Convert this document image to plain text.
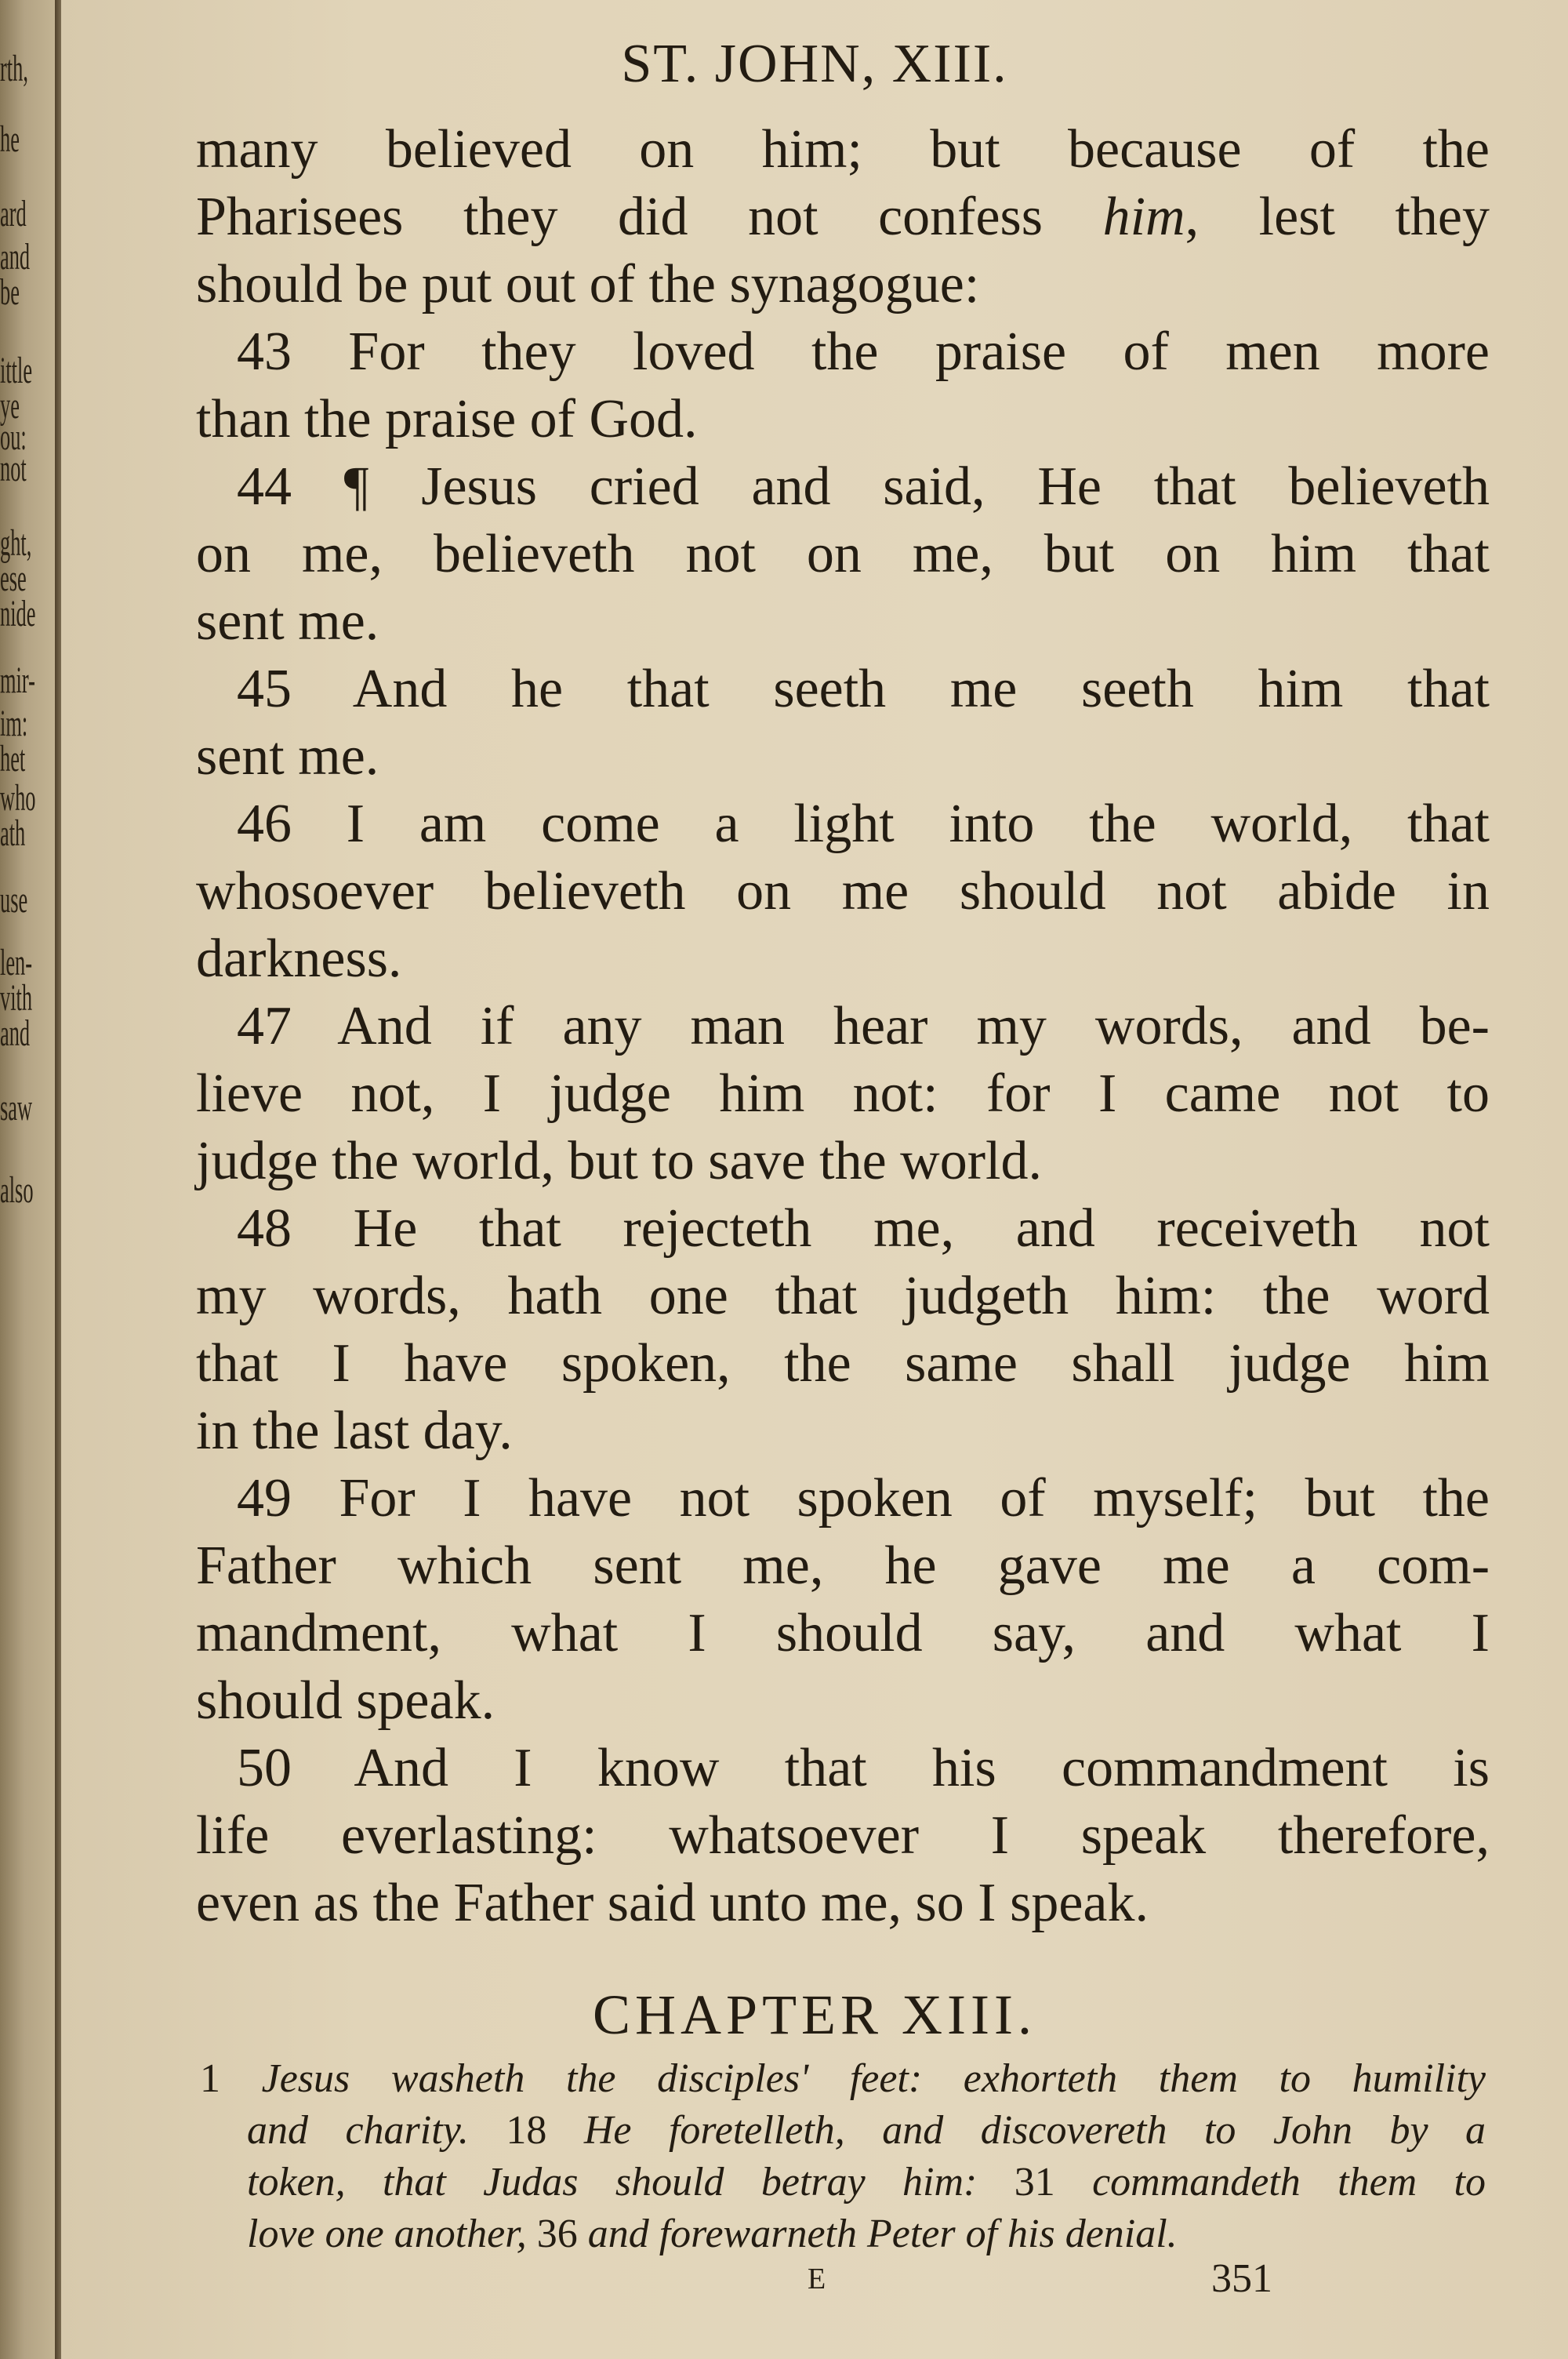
rth,
he
ard
and
be
ittle
ye
ou:
not
ght,
ese
nide
mir-
im:
het
who
ath
use
len-
vith
and
saw
also
ST. JOHN, XIII.
many believed on him; but because of the
Pharisees they did not confess him, lest they
should be put out of the synagogue:
43 For they loved the praise of men more
than the praise of God.
44 ¶ Jesus cried and said, He that believeth
on me, believeth not on me, but on him that
sent me.
45 And he that seeth me seeth him that
sent me.
46 I am come a light into the world, that
whosoever believeth on me should not abide in
darkness.
47 And if any man hear my words, and be-
lieve not, I judge him not: for I came not to
judge the world, but to save the world.
48 He that rejecteth me, and receiveth not
my words, hath one that judgeth him: the word
that I have spoken, the same shall judge him
in the last day.
49 For I have not spoken of myself; but the
Father which sent me, he gave me a com-
mandment, what I should say, and what I
should speak.
50 And I know that his commandment is
life everlasting: whatsoever I speak therefore,
even as the Father said unto me, so I speak.
CHAPTER XIII.
1 Jesus washeth the disciples' feet: exhorteth them to humility
and charity. 18 He foretelleth, and discovereth to John by a
token, that Judas should betray him: 31 commandeth them to
love one another, 36 and forewarneth Peter of his denial.
E	351
